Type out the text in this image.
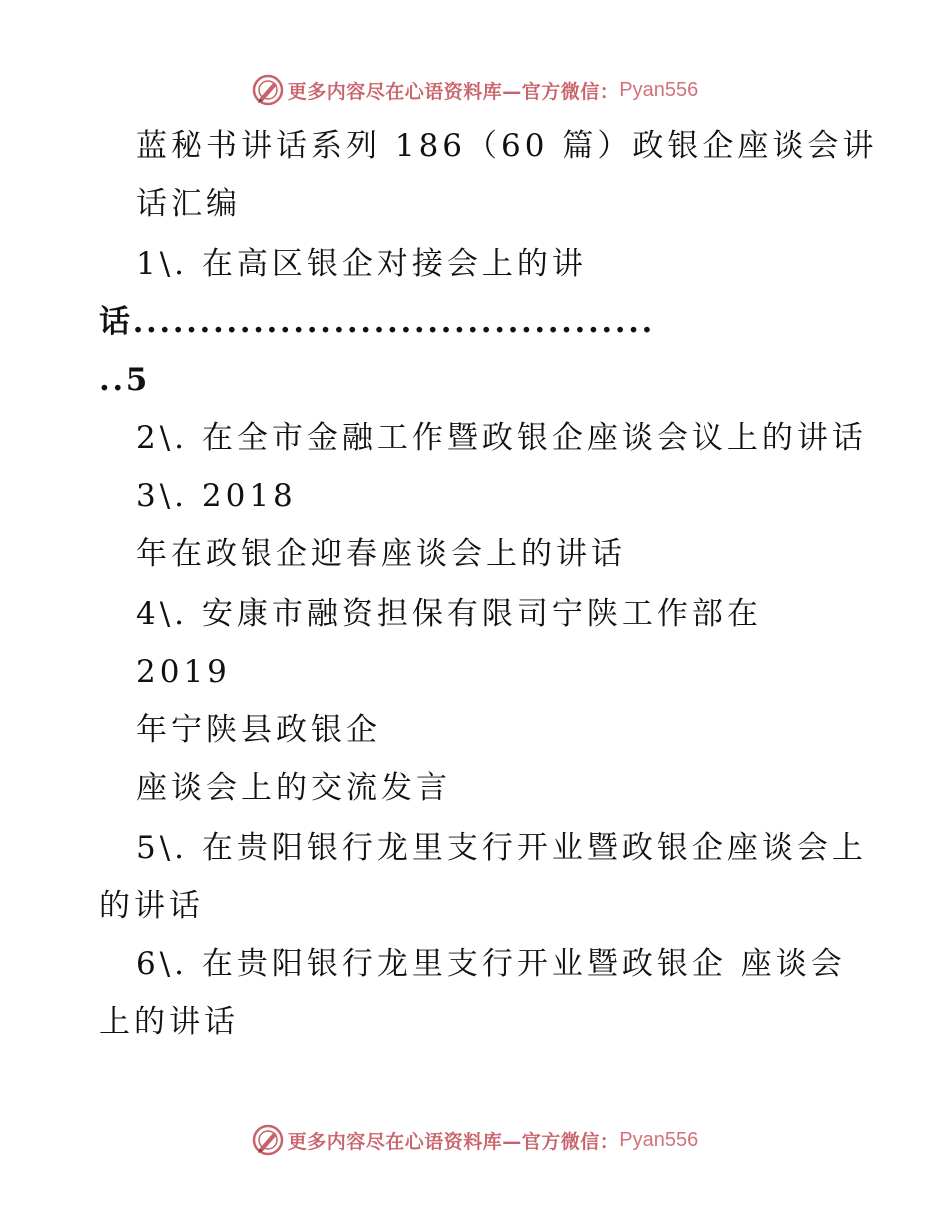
更多内容尽在心语资料库—官方微信： Pyan556
蓝秘书讲话系列 186（60 篇）政银企座谈会讲
话汇编
1\. 在高区银企对接会上的讲
话.......................................
..5
2\. 在全市金融工作暨政银企座谈会议上的讲话
3\. 2018
年在政银企迎春座谈会上的讲话
4\. 安康市融资担保有限司宁陕工作部在
2019
年宁陕县政银企
座谈会上的交流发言
5\. 在贵阳银行龙里支行开业暨政银企座谈会上
的讲话
6\. 在贵阳银行龙里支行开业暨政银企 座谈会
上的讲话
更多内容尽在心语资料库—官方微信： Pyan556
